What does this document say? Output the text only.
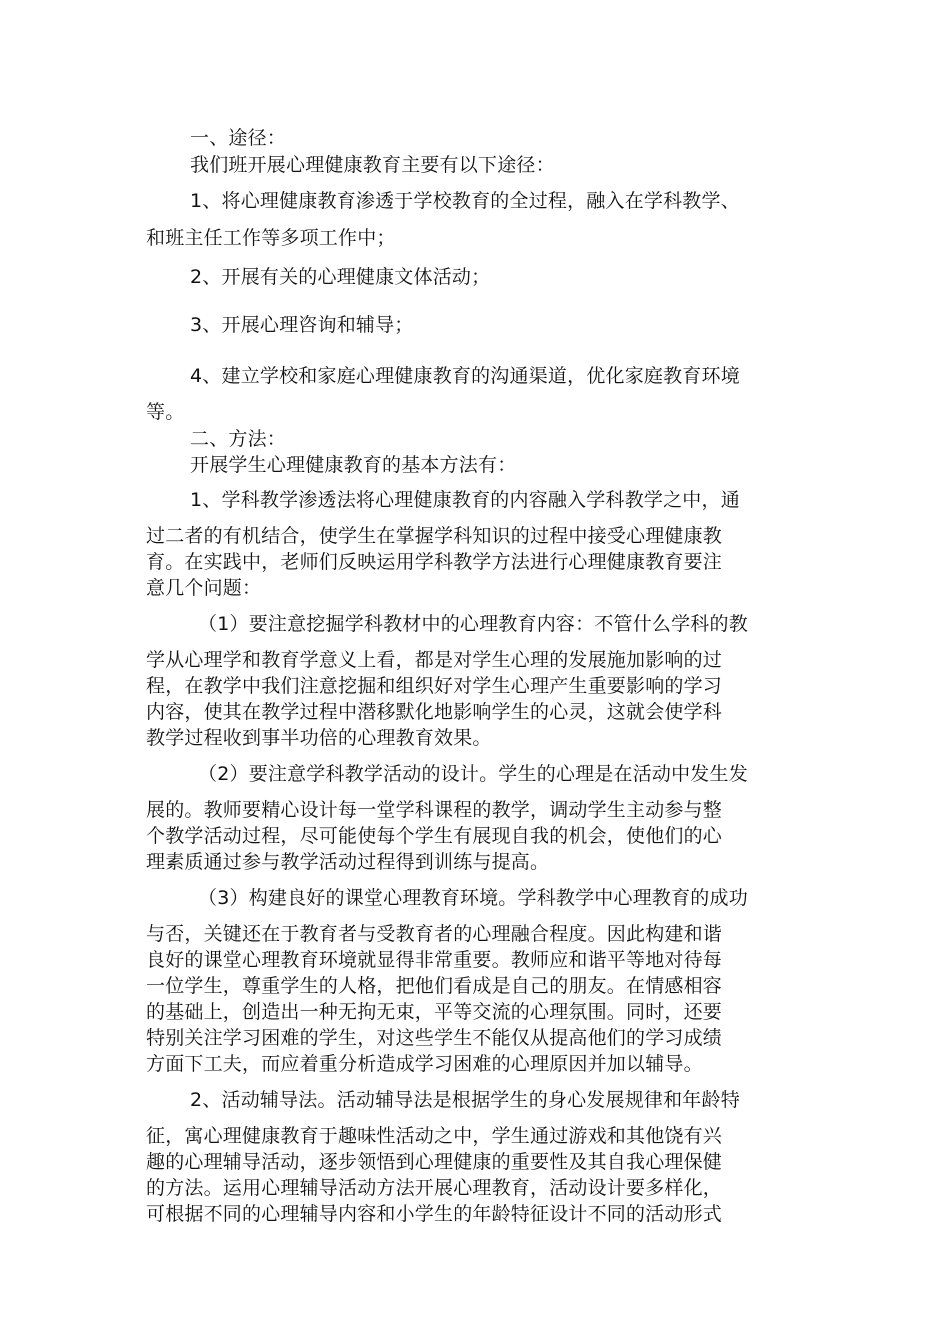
一、途径：
我们班开展心理健康教育主要有以下途径：
1、将心理健康教育渗透于学校教育的全过程，融入在学科教学、
和班主任工作等多项工作中；
2、开展有关的心理健康文体活动；
3、开展心理咨询和辅导；
4、建立学校和家庭心理健康教育的沟通渠道，优化家庭教育环境
等。
二、方法：
开展学生心理健康教育的基本方法有：
1、学科教学渗透法将心理健康教育的内容融入学科教学之中，通
过二者的有机结合，使学生在掌握学科知识的过程中接受心理健康教
育。在实践中，老师们反映运用学科教学方法进行心理健康教育要注
意几个问题：
（1）要注意挖掘学科教材中的心理教育内容：不管什么学科的教
学从心理学和教育学意义上看，都是对学生心理的发展施加影响的过
程，在教学中我们注意挖掘和组织好对学生心理产生重要影响的学习
内容，使其在教学过程中潜移默化地影响学生的心灵，这就会使学科
教学过程收到事半功倍的心理教育效果。
（2）要注意学科教学活动的设计。学生的心理是在活动中发生发
展的。教师要精心设计每一堂学科课程的教学，调动学生主动参与整
个教学活动过程，尽可能使每个学生有展现自我的机会，使他们的心
理素质通过参与教学活动过程得到训练与提高。
（3）构建良好的课堂心理教育环境。学科教学中心理教育的成功
与否，关键还在于教育者与受教育者的心理融合程度。因此构建和谐
良好的课堂心理教育环境就显得非常重要。教师应和谐平等地对待每
一位学生，尊重学生的人格，把他们看成是自己的朋友。在情感相容
的基础上，创造出一种无拘无束，平等交流的心理氛围。同时，还要
特别关注学习困难的学生，对这些学生不能仅从提高他们的学习成绩
方面下工夫，而应着重分析造成学习困难的心理原因并加以辅导。
2、活动辅导法。活动辅导法是根据学生的身心发展规律和年龄特
征，寓心理健康教育于趣味性活动之中，学生通过游戏和其他饶有兴
趣的心理辅导活动，逐步领悟到心理健康的重要性及其自我心理保健
的方法。运用心理辅导活动方法开展心理教育，活动设计要多样化，
可根据不同的心理辅导内容和小学生的年龄特征设计不同的活动形式
